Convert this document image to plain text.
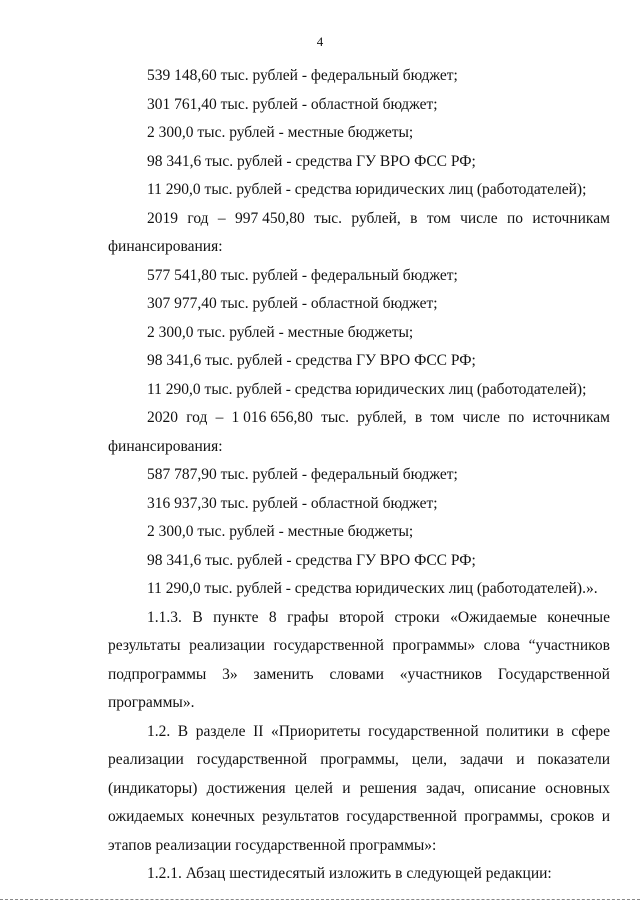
4
539 148,60 тыс. рублей - федеральный бюджет;
301 761,40 тыс. рублей - областной бюджет;
2 300,0 тыс. рублей - местные бюджеты;
98 341,6 тыс. рублей - средства ГУ ВРО ФСС РФ;
11 290,0 тыс. рублей - средства юридических лиц (работодателей);
2019 год – 997 450,80 тыс. рублей, в том числе по источникам
финансирования:
577 541,80 тыс. рублей - федеральный бюджет;
307 977,40 тыс. рублей - областной бюджет;
2 300,0 тыс. рублей - местные бюджеты;
98 341,6 тыс. рублей - средства ГУ ВРО ФСС РФ;
11 290,0 тыс. рублей - средства юридических лиц (работодателей);
2020 год – 1 016 656,80 тыс. рублей, в том числе по источникам
финансирования:
587 787,90 тыс. рублей - федеральный бюджет;
316 937,30 тыс. рублей - областной бюджет;
2 300,0 тыс. рублей - местные бюджеты;
98 341,6 тыс. рублей - средства ГУ ВРО ФСС РФ;
11 290,0 тыс. рублей - средства юридических лиц (работодателей).».
1.1.3. В пункте 8 графы второй строки «Ожидаемые конечные
результаты реализации государственной программы» слова “участников
подпрограммы 3» заменить словами «участников Государственной
программы».
1.2. В разделе II «Приоритеты государственной политики в сфере
реализации государственной программы, цели, задачи и показатели
(индикаторы) достижения целей и решения задач, описание основных
ожидаемых конечных результатов государственной программы, сроков и
этапов реализации государственной программы»:
1.2.1. Абзац шестидесятый изложить в следующей редакции:
